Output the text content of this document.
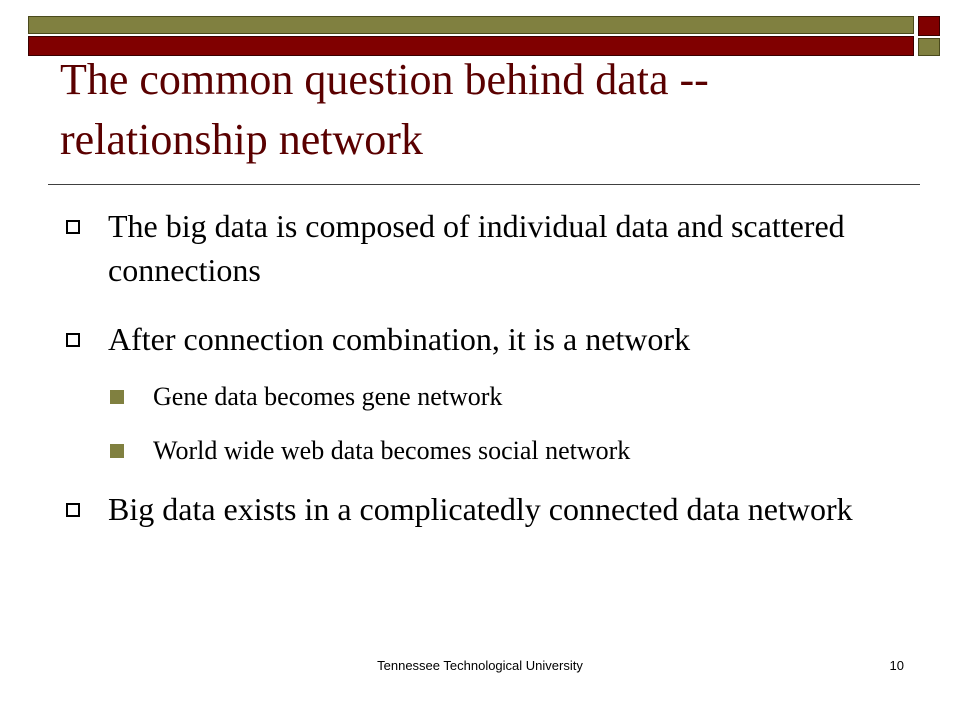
The common question behind data -- relationship network
The big data is composed of individual data and scattered connections
After connection combination, it is a network
Gene data becomes gene network
World wide web data becomes social network
Big data exists in a complicatedly connected data network
Tennessee Technological University	10
